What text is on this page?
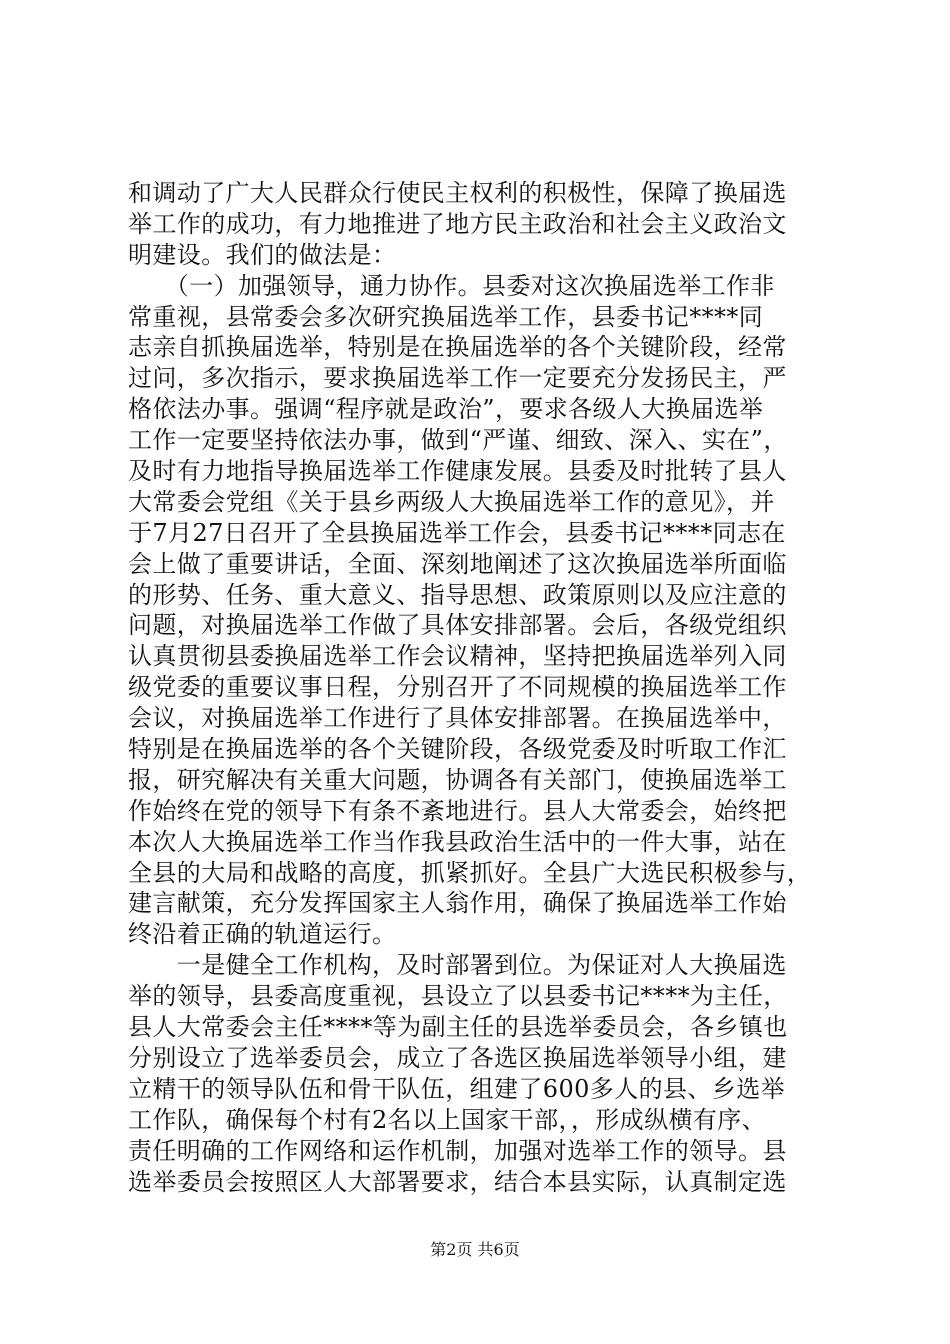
和调动了广大人民群众行使民主权利的积极性，保障了换届选
举工作的成功，有力地推进了地方民主政治和社会主义政治文
明建设。我们的做法是：
　　（一）加强领导，通力协作。县委对这次换届选举工作非
常重视，县常委会多次研究换届选举工作，县委书记****同
志亲自抓换届选举，特别是在换届选举的各个关键阶段，经常
过问，多次指示，要求换届选举工作一定要充分发扬民主，严
格依法办事。强调“程序就是政治”，要求各级人大换届选举
工作一定要坚持依法办事，做到“严谨、细致、深入、实在”，
及时有力地指导换届选举工作健康发展。县委及时批转了县人
大常委会党组《关于县乡两级人大换届选举工作的意见》，并
于7月27日召开了全县换届选举工作会，县委书记****同志在
会上做了重要讲话，全面、深刻地阐述了这次换届选举所面临
的形势、任务、重大意义、指导思想、政策原则以及应注意的
问题，对换届选举工作做了具体安排部署。会后，各级党组织
认真贯彻县委换届选举工作会议精神，坚持把换届选举列入同
级党委的重要议事日程，分别召开了不同规模的换届选举工作
会议，对换届选举工作进行了具体安排部署。在换届选举中，
特别是在换届选举的各个关键阶段，各级党委及时听取工作汇
报，研究解决有关重大问题，协调各有关部门，使换届选举工
作始终在党的领导下有条不紊地进行。县人大常委会，始终把
本次人大换届选举工作当作我县政治生活中的一件大事，站在
全县的大局和战略的高度，抓紧抓好。全县广大选民积极参与，
建言献策，充分发挥国家主人翁作用，确保了换届选举工作始
终沿着正确的轨道运行。
　　一是健全工作机构，及时部署到位。为保证对人大换届选
举的领导，县委高度重视，县设立了以县委书记****为主任，
县人大常委会主任****等为副主任的县选举委员会，各乡镇也
分别设立了选举委员会，成立了各选区换届选举领导小组，建
立精干的领导队伍和骨干队伍，组建了600多人的县、乡选举
工作队，确保每个村有2名以上国家干部，，形成纵横有序、
责任明确的工作网络和运作机制，加强对选举工作的领导。县
选举委员会按照区人大部署要求，结合本县实际，认真制定选
第2页 共6页
